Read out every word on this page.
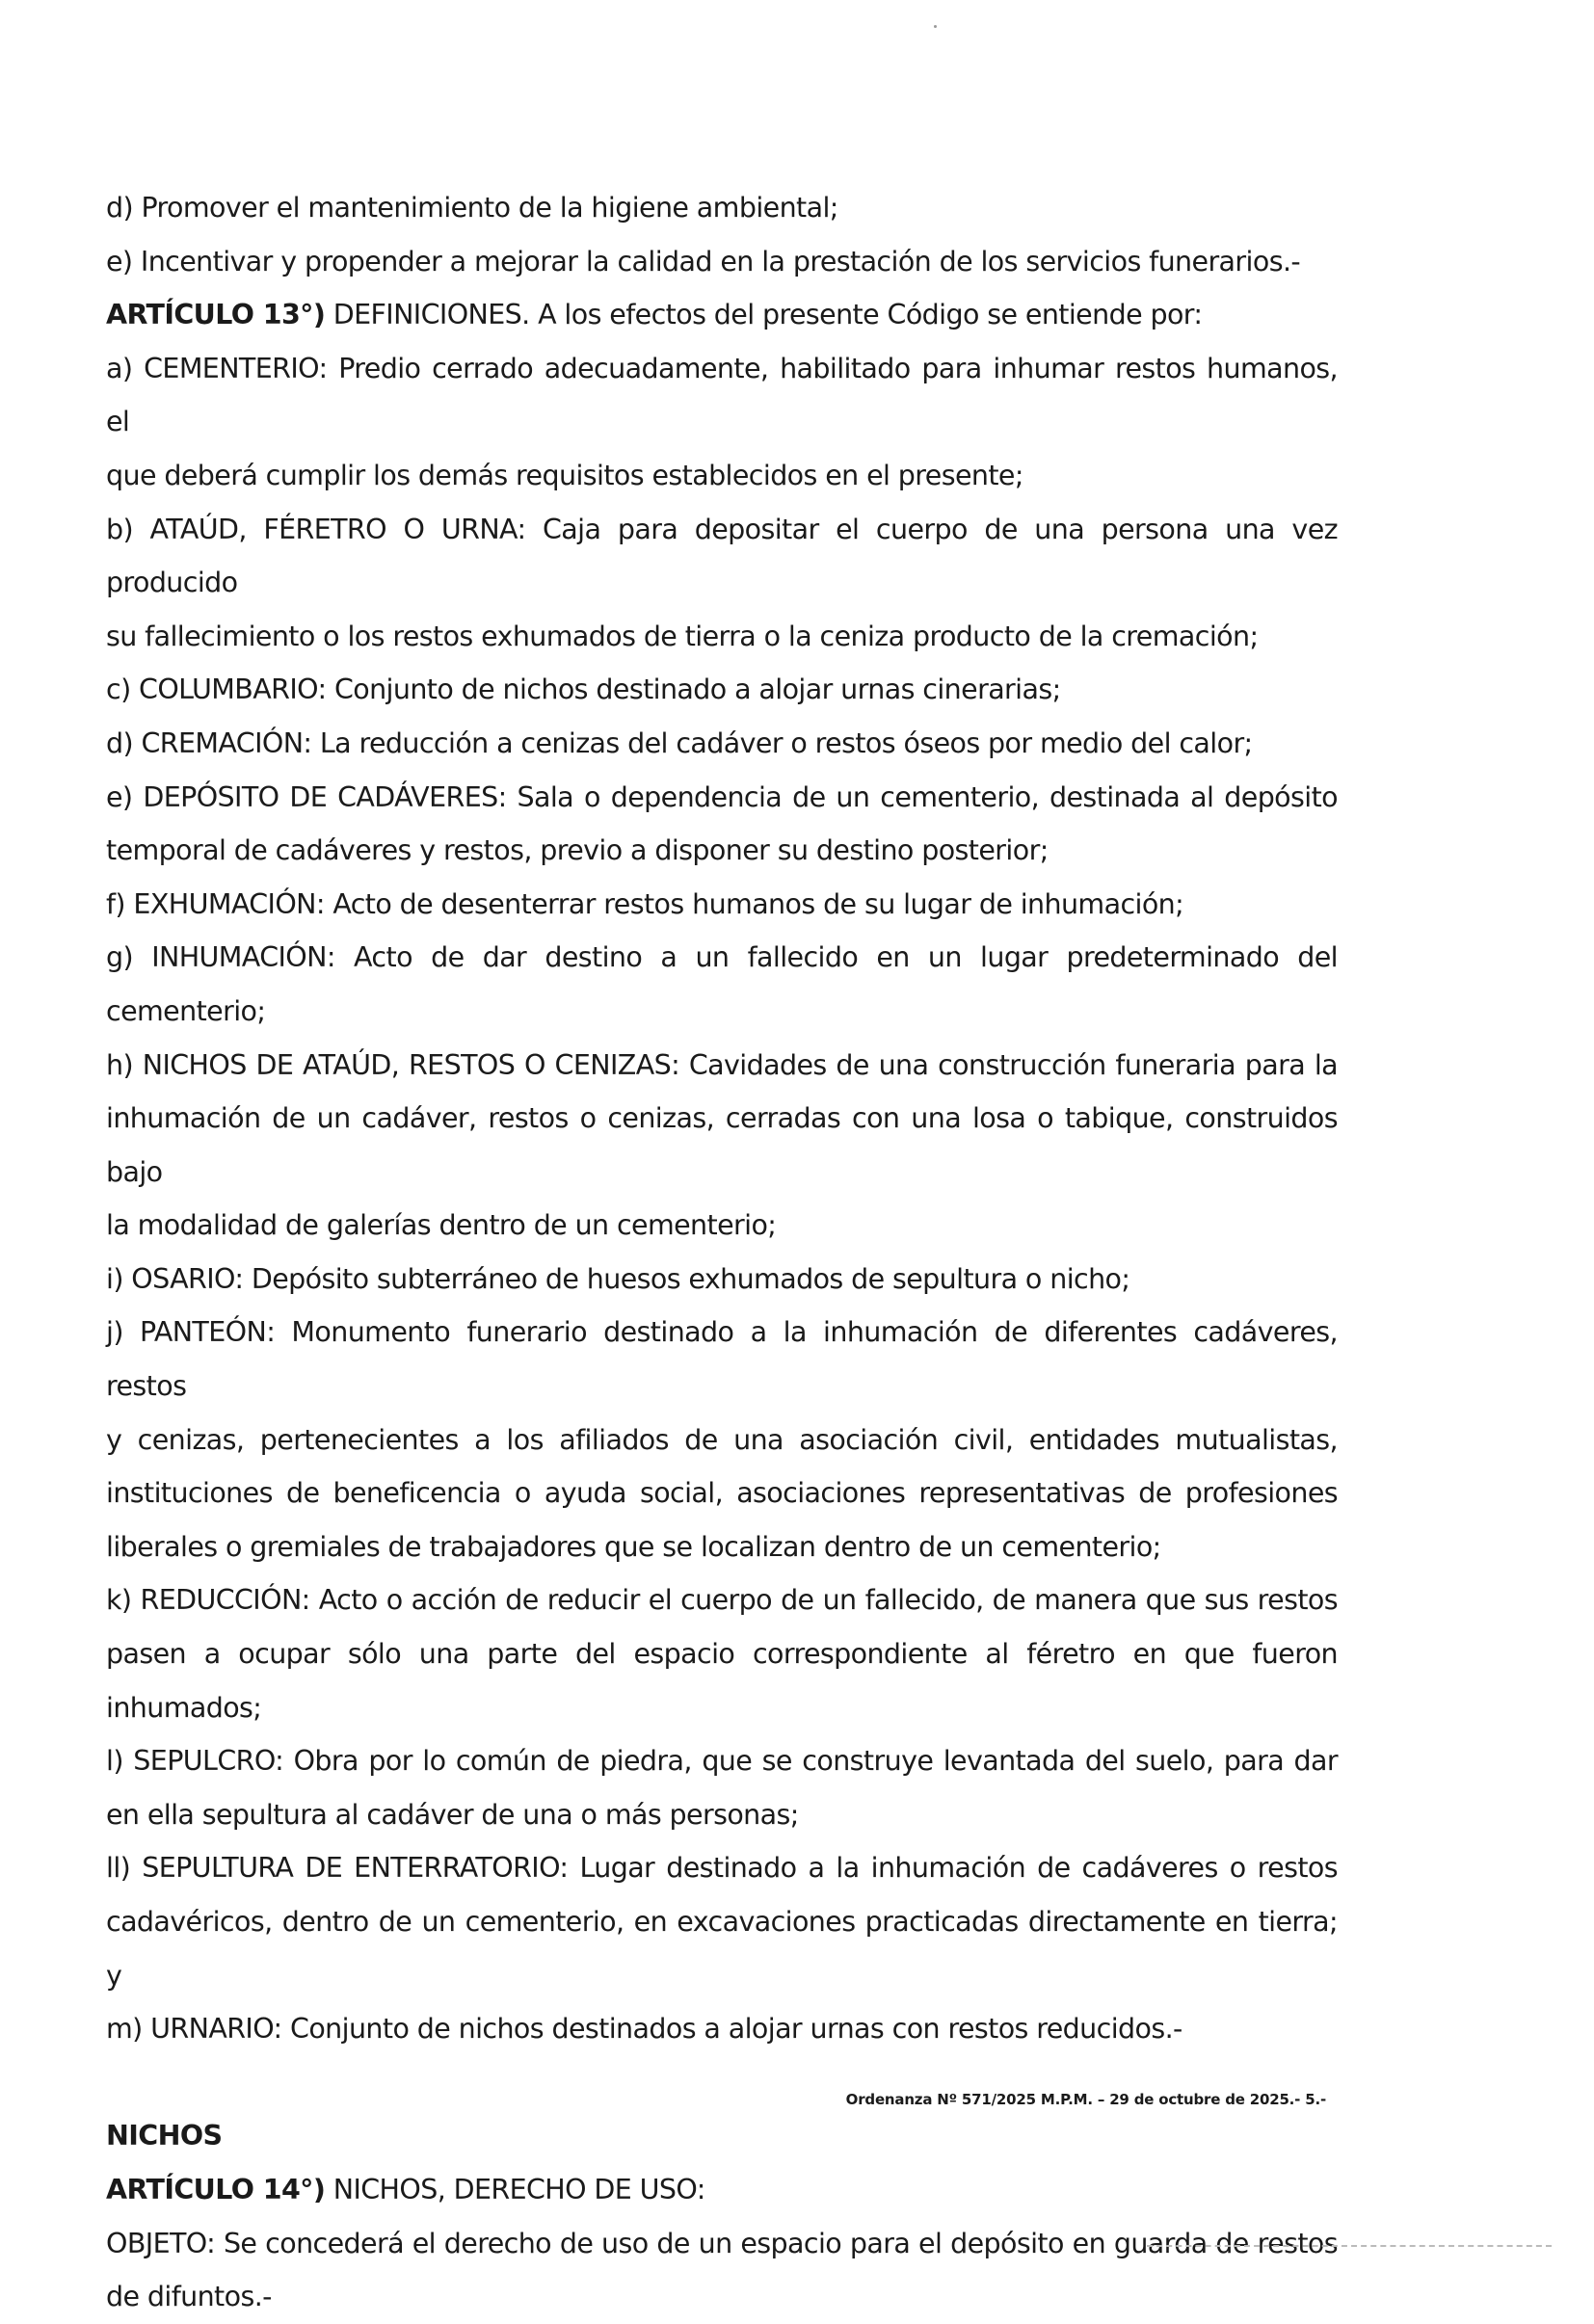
d) Promover el mantenimiento de la higiene ambiental;
e) Incentivar y propender a mejorar la calidad en la prestación de los servicios funerarios.-
ARTÍCULO 13°) DEFINICIONES. A los efectos del presente Código se entiende por:
a) CEMENTERIO: Predio cerrado adecuadamente, habilitado para inhumar restos humanos, el
que deberá cumplir los demás requisitos establecidos en el presente;
b) ATAÚD, FÉRETRO O URNA: Caja para depositar el cuerpo de una persona una vez producido
su fallecimiento o los restos exhumados de tierra o la ceniza producto de la cremación;
c) COLUMBARIO: Conjunto de nichos destinado a alojar urnas cinerarias;
d) CREMACIÓN: La reducción a cenizas del cadáver o restos óseos por medio del calor;
e) DEPÓSITO DE CADÁVERES: Sala o dependencia de un cementerio, destinada al depósito
temporal de cadáveres y restos, previo a disponer su destino posterior;
f) EXHUMACIÓN: Acto de desenterrar restos humanos de su lugar de inhumación;
g) INHUMACIÓN: Acto de dar destino a un fallecido en un lugar predeterminado del
cementerio;
h) NICHOS DE ATAÚD, RESTOS O CENIZAS: Cavidades de una construcción funeraria para la
inhumación de un cadáver, restos o cenizas, cerradas con una losa o tabique, construidos bajo
la modalidad de galerías dentro de un cementerio;
i) OSARIO: Depósito subterráneo de huesos exhumados de sepultura o nicho;
j) PANTEÓN: Monumento funerario destinado a la inhumación de diferentes cadáveres, restos
y cenizas, pertenecientes a los afiliados de una asociación civil, entidades mutualistas,
instituciones de beneficencia o ayuda social, asociaciones representativas de profesiones
liberales o gremiales de trabajadores que se localizan dentro de un cementerio;
k) REDUCCIÓN: Acto o acción de reducir el cuerpo de un fallecido, de manera que sus restos
pasen a ocupar sólo una parte del espacio correspondiente al féretro en que fueron
inhumados;
l) SEPULCRO: Obra por lo común de piedra, que se construye levantada del suelo, para dar
en ella sepultura al cadáver de una o más personas;
ll) SEPULTURA DE ENTERRATORIO: Lugar destinado a la inhumación de cadáveres o restos
cadavéricos, dentro de un cementerio, en excavaciones practicadas directamente en tierra; y
m) URNARIO: Conjunto de nichos destinados a alojar urnas con restos reducidos.-
NICHOS
ARTÍCULO 14°) NICHOS, DERECHO DE USO:
OBJETO: Se concederá el derecho de uso de un espacio para el depósito en guarda de restos
de difuntos.-
Ordenanza Nº 571/2025 M.P.M. – 29 de octubre de 2025.- 5.-
